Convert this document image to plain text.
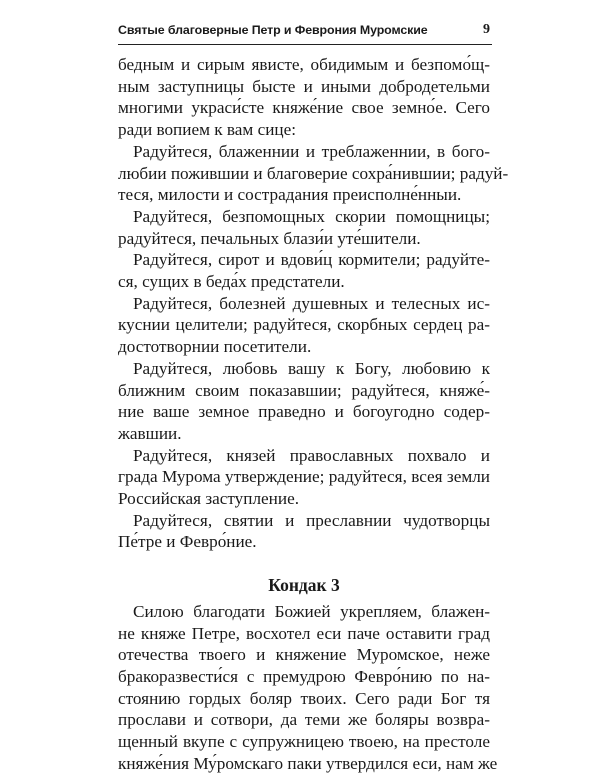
Святые благоверные Петр и Феврония Муромские	9
бедным и сирым явисте, обидимым и безпомо́щ-
ным заступницы бысте и иными добродетельми
многими украси́сте княже́ние свое земно́е. Сего
ради вопием к вам сице:
Радуйтеся, блаженнии и треблаженнии, в бого-
любии пожившии и благоверие сохра́нившии; радуй-
теся, милости и сострадания преисполне́нныи.
Радуйтеся, безпомощных скории помощницы;
радуйтеся, печальных блази́и уте́шители.
Радуйтеся, сирот и вдови́ц кормители; радуйте-
ся, сущих в беда́х предстатели.
Радуйтеся, болезней душевных и телесных ис-
куснии целители; радуйтеся, скорбных сердец ра-
достотворнии посетители.
Радуйтеся, любовь вашу к Богу, любовию к
ближним своим показавшии; радуйтеся, княже́-
ние ваше земное праведно и богоугодно содер-
жавшии.
Радуйтеся, князей православных похвало и
града Мурома утверждение; радуйтеся, всея земли
Российская заступление.
Радуйтеся, святии и преславнии чудотворцы
Пе́тре и Февро́ние.
Кондак 3
Силою благодати Божией укрепляем, блажен-
не княже Петре, восхотел еси паче оставити град
отечества твоего и княжение Муромское, неже
бракоразвести́ся с премудрою Февро́нию по на-
стоянию гордых боляр твоих. Сего ради Бог тя
прослави и сотвори, да теми же боляры возвра-
щенный вкупе с супружницею твоею, на престоле
княже́ния Му́ромскаго паки утвердился еси, нам же
